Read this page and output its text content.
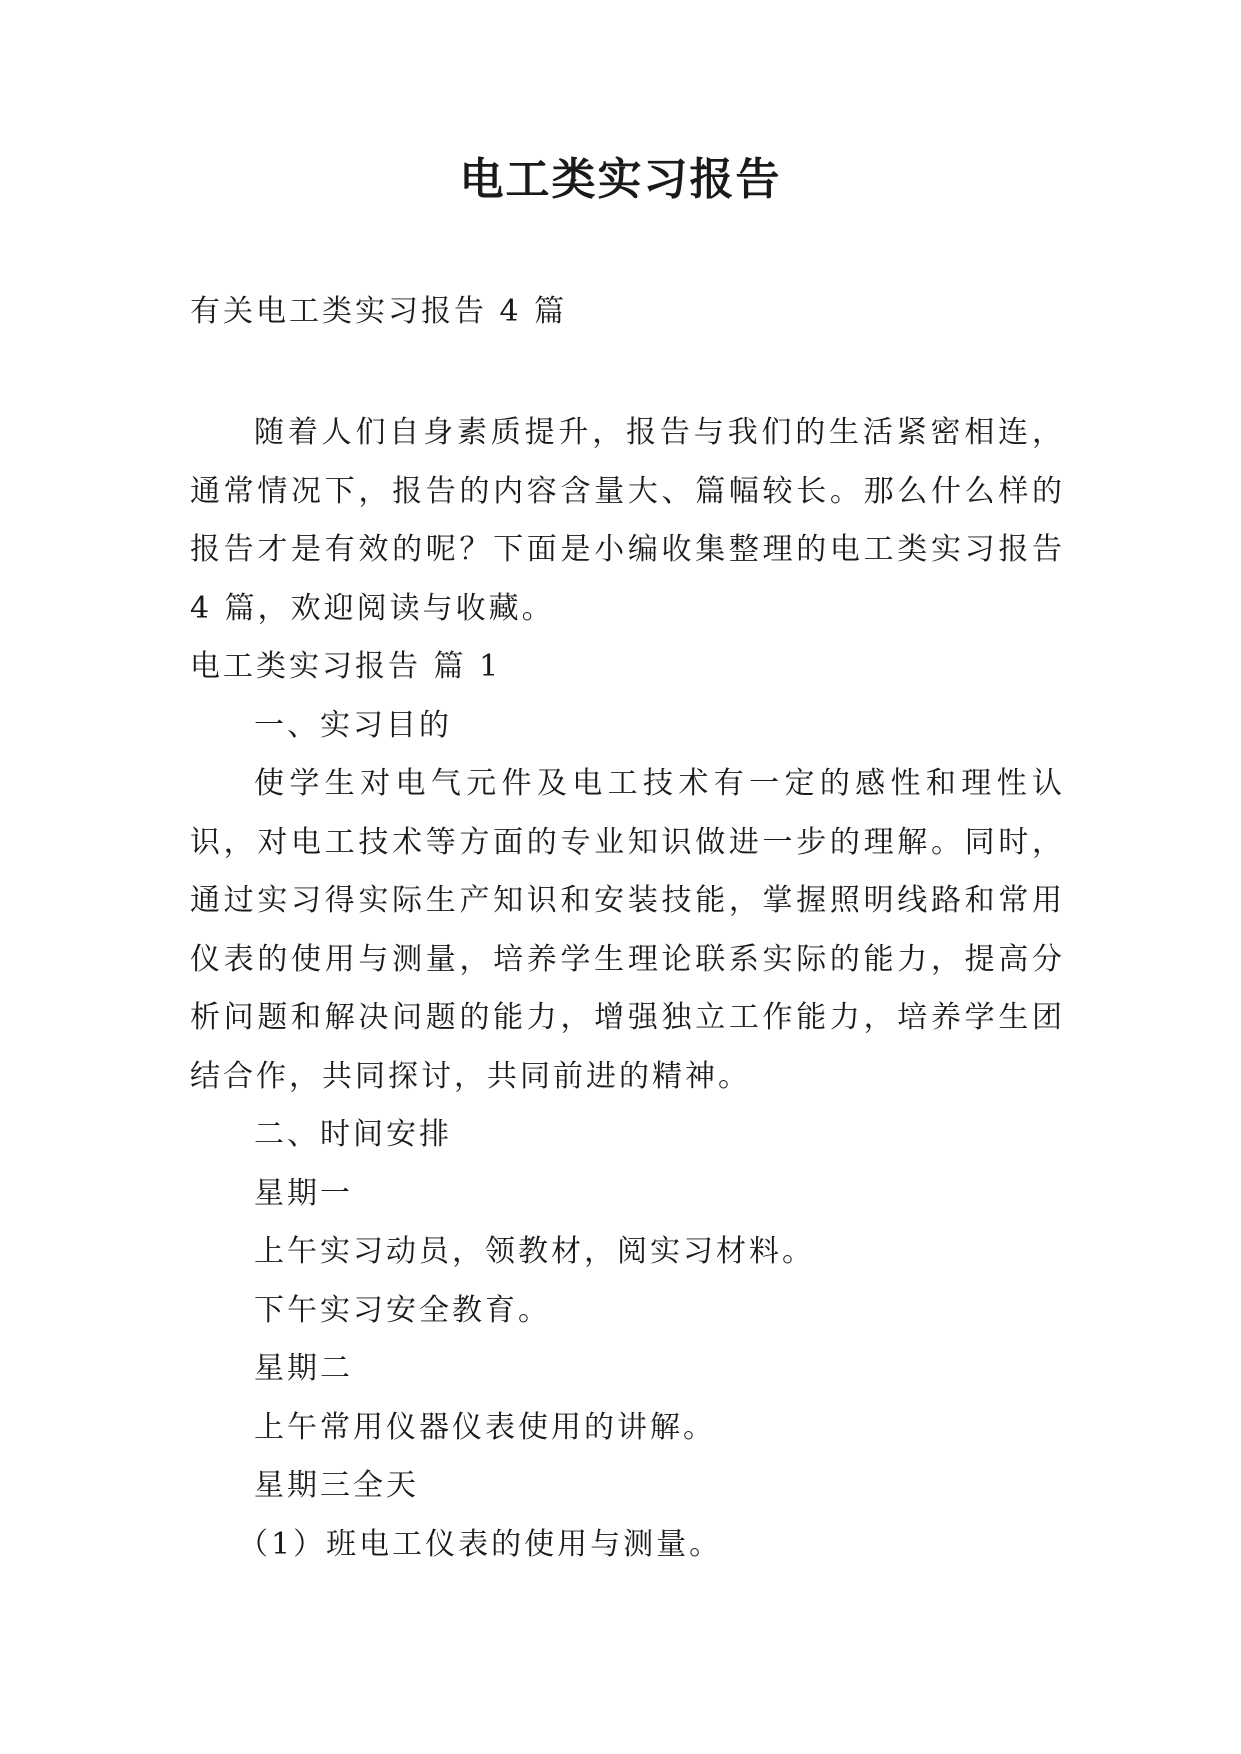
电工类实习报告
有关电工类实习报告 4 篇

随着人们自身素质提升，报告与我们的生活紧密相连，通常情况下，报告的内容含量大、篇幅较长。那么什么样的报告才是有效的呢？下面是小编收集整理的电工类实习报告 4 篇，欢迎阅读与收藏。

电工类实习报告 篇 1

一、实习目的

使学生对电气元件及电工技术有一定的感性和理性认识，对电工技术等方面的专业知识做进一步的理解。同时，通过实习得实际生产知识和安装技能，掌握照明线路和常用仪表的使用与测量，培养学生理论联系实际的能力，提高分析问题和解决问题的能力，增强独立工作能力，培养学生团结合作，共同探讨，共同前进的精神。

二、时间安排

星期一

上午实习动员，领教材，阅实习材料。

下午实习安全教育。

星期二

上午常用仪器仪表使用的讲解。

星期三全天

（1）班电工仪表的使用与测量。
